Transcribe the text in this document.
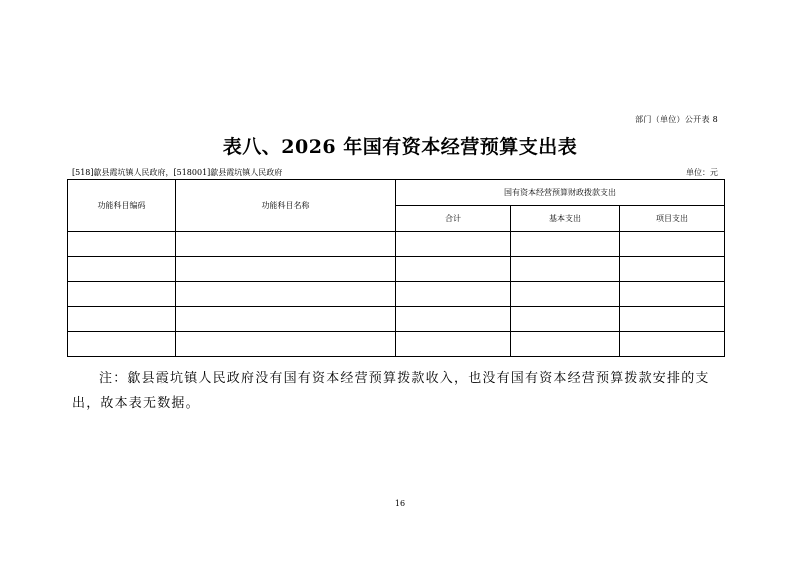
部门（单位）公开表 8
表八、2026 年国有资本经营预算支出表
[518]歙县霞坑镇人民政府，[518001]歙县霞坑镇人民政府	单位：元
功能科目编码	功能科目名称	国有资本经营预算财政拨款支出		
		合计	基本支出	项目支出

注：歙县霞坑镇人民政府没有国有资本经营预算拨款收入，也没有国有资本经营预算拨款安排的支出，故本表无数据。
16
